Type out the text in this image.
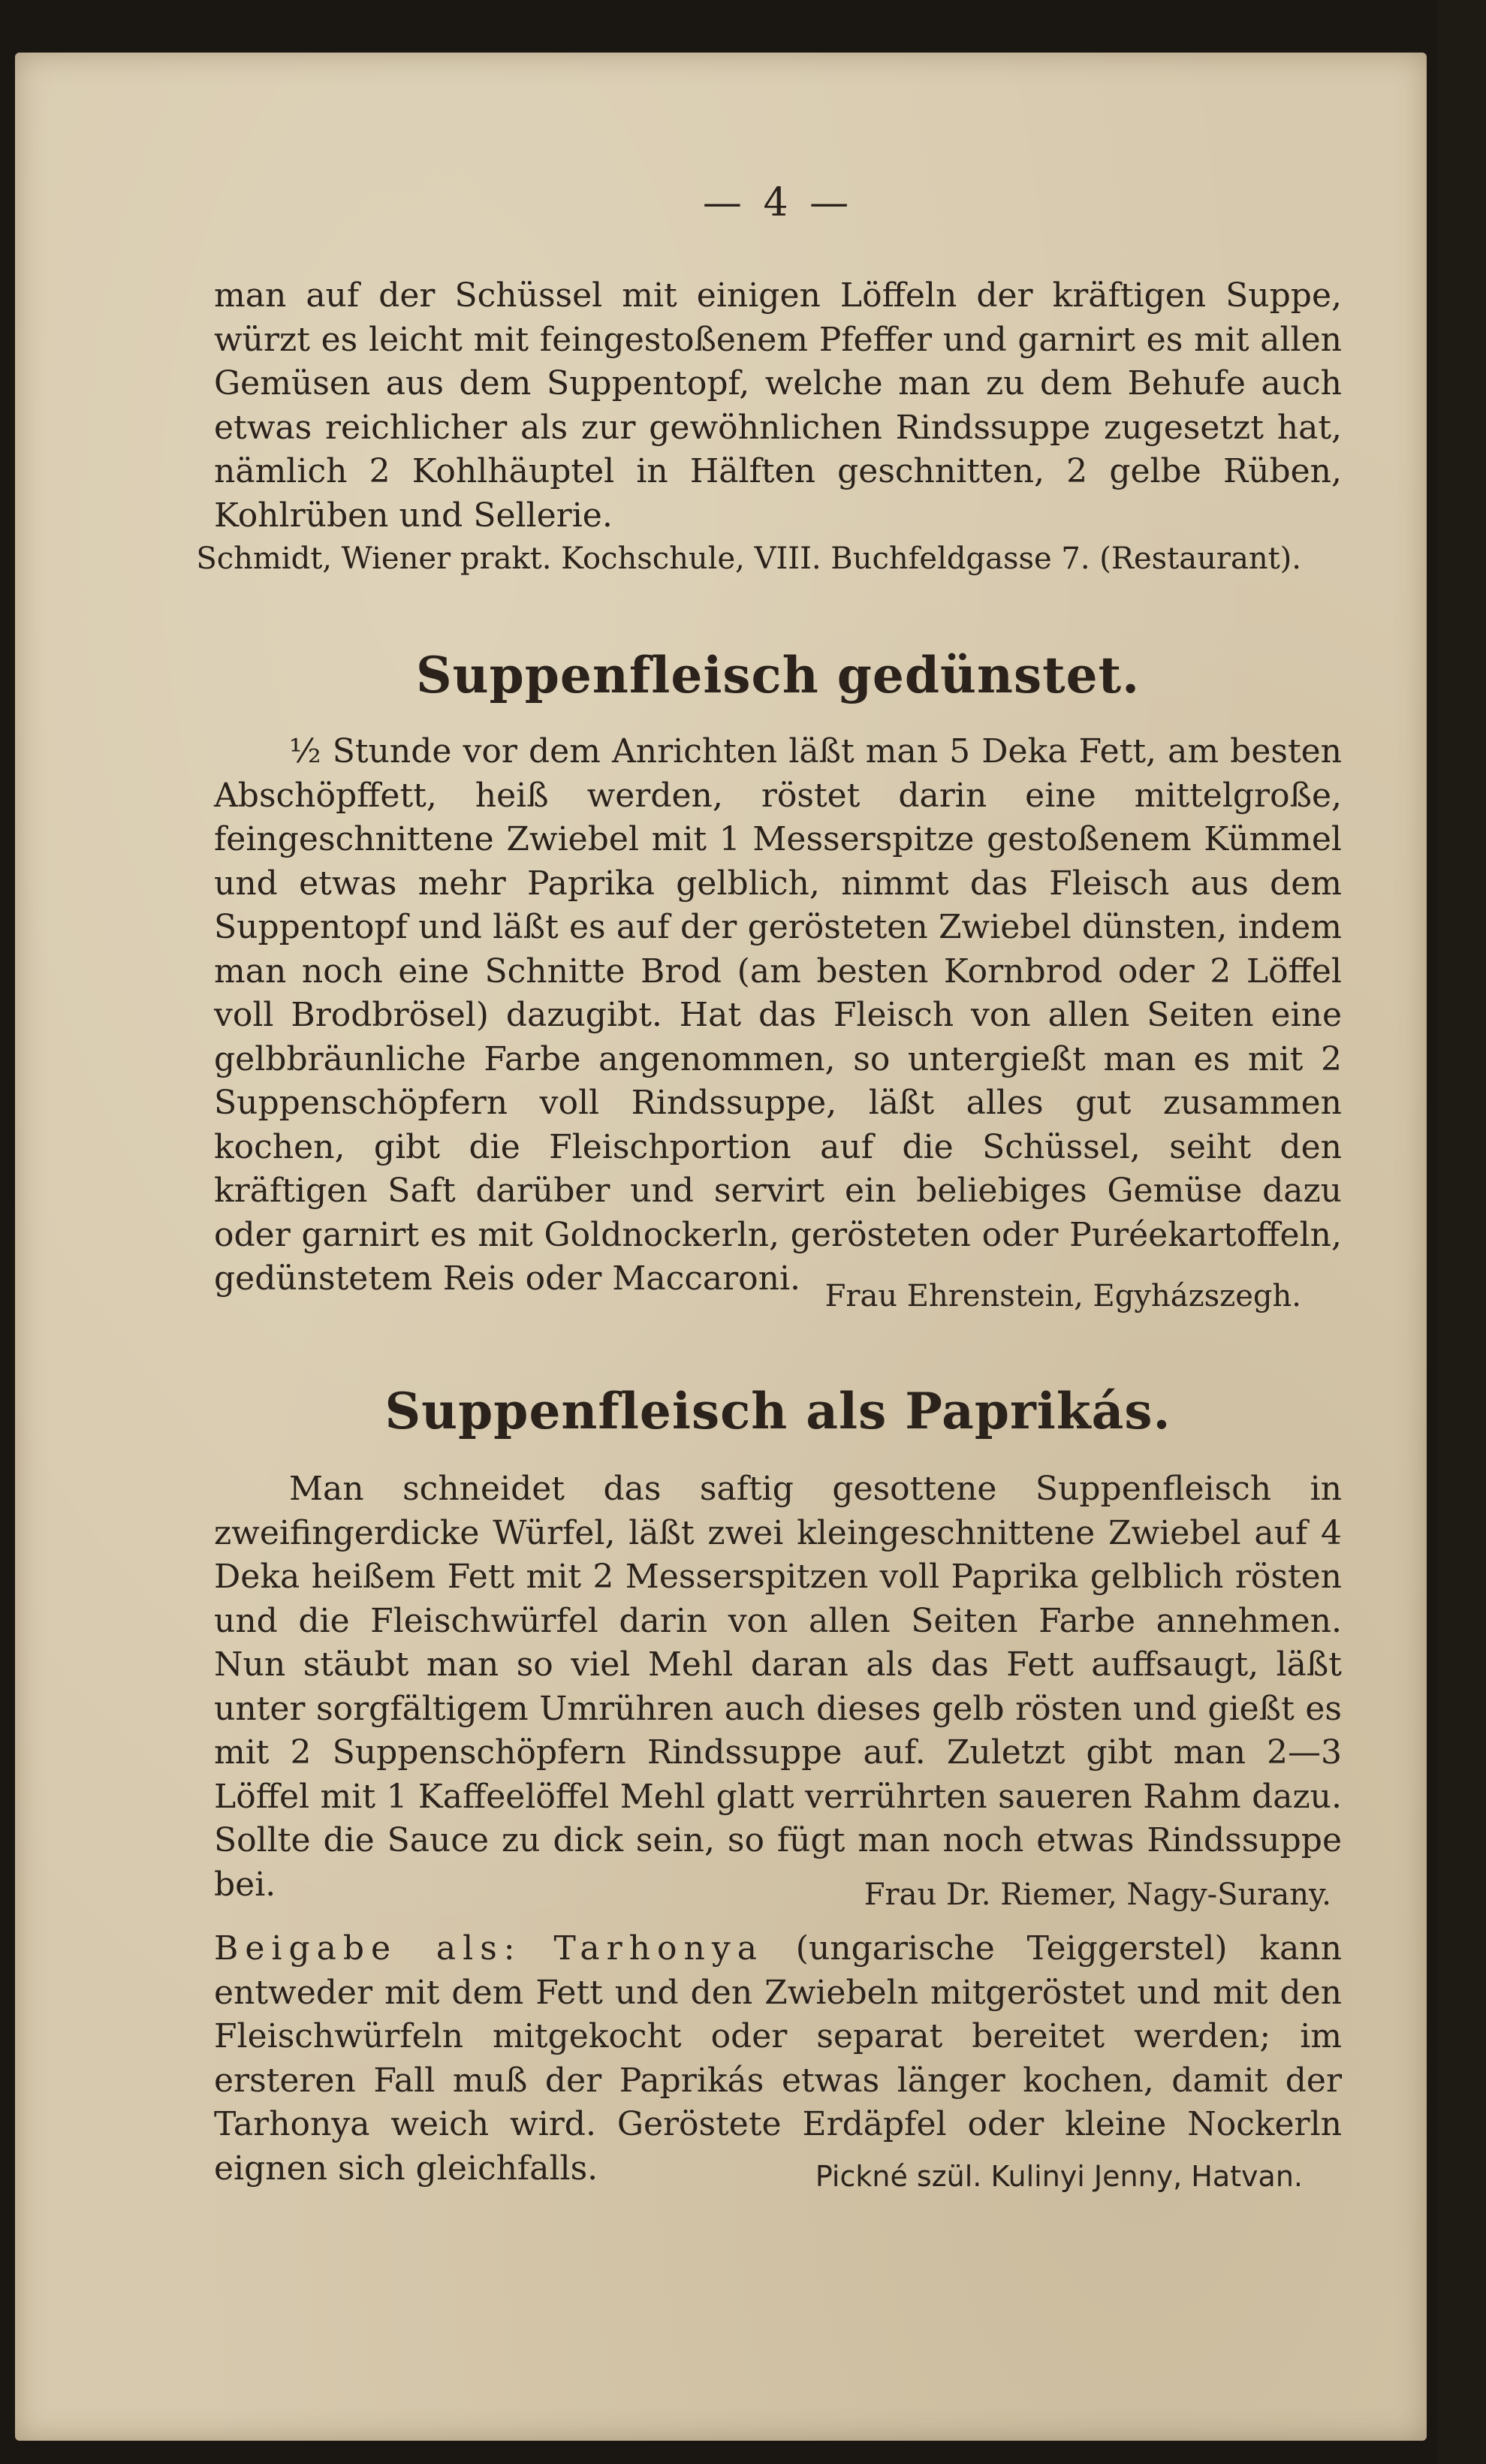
— 4 —

man auf der Schüssel mit einigen Löffeln der kräftigen Suppe, würzt es leicht mit feingestoßenem Pfeffer und garnirt es mit allen Gemüsen aus dem Suppentopf, welche man zu dem Behufe auch etwas reichlicher als zur gewöhnlichen Rindssuppe zugesetzt hat, nämlich 2 Kohlhäuptel in Hälften geschnitten, 2 gelbe Rüben, Kohlrüben und Sellerie.

Schmidt, Wiener prakt. Kochschule, VIII. Buchfeldgasse 7. (Restaurant).
Suppenfleisch gedünstet.

½ Stunde vor dem Anrichten läßt man 5 Deka Fett, am besten Abschöpffett, heiß werden, röstet darin eine mittelgroße, feingeschnittene Zwiebel mit 1 Messerspitze gestoßenem Kümmel und etwas mehr Paprika gelblich, nimmt das Fleisch aus dem Suppentopf und läßt es auf der gerösteten Zwiebel dünsten, indem man noch eine Schnitte Brod (am besten Kornbrod oder 2 Löffel voll Brodbrösel) dazugibt. Hat das Fleisch von allen Seiten eine gelbbräunliche Farbe angenommen, so untergießt man es mit 2 Suppenschöpfern voll Rindssuppe, läßt alles gut zusammen kochen, gibt die Fleischportion auf die Schüssel, seiht den kräftigen Saft darüber und servirt ein beliebiges Gemüse dazu oder garnirt es mit Goldnockerln, gerösteten oder Puréekartoffeln, gedünstetem Reis oder Maccaroni. Frau Ehrenstein, Egyházszegh.
Suppenfleisch als Paprikás.

Man schneidet das saftig gesottene Suppenfleisch in zweifingerdicke Würfel, läßt zwei kleingeschnittene Zwiebel auf 4 Deka heißem Fett mit 2 Messerspitzen voll Paprika gelblich rösten und die Fleischwürfel darin von allen Seiten Farbe annehmen. Nun stäubt man so viel Mehl daran als das Fett auffsaugt, läßt unter sorgfältigem Umrühren auch dieses gelb rösten und gießt es mit 2 Suppenschöpfern Rindssuppe auf. Zuletzt gibt man 2—3 Löffel mit 1 Kaffeelöffel Mehl glatt verrührten saueren Rahm dazu. Sollte die Sauce zu dick sein, so fügt man noch etwas Rindssuppe bei.	Frau Dr. Riemer, Nagy-Surany.

Beigabe als: Tarhonya (ungarische Teiggerstel) kann entweder mit dem Fett und den Zwiebeln mitgeröstet und mit den Fleischwürfeln mitgekocht oder separat bereitet werden; im ersteren Fall muß der Paprikás etwas länger kochen, damit der Tarhonya weich wird. Geröstete Erdäpfel oder kleine Nockerln eignen sich gleichfalls.	Pickné szül. Kulinyi Jenny, Hatvan.
